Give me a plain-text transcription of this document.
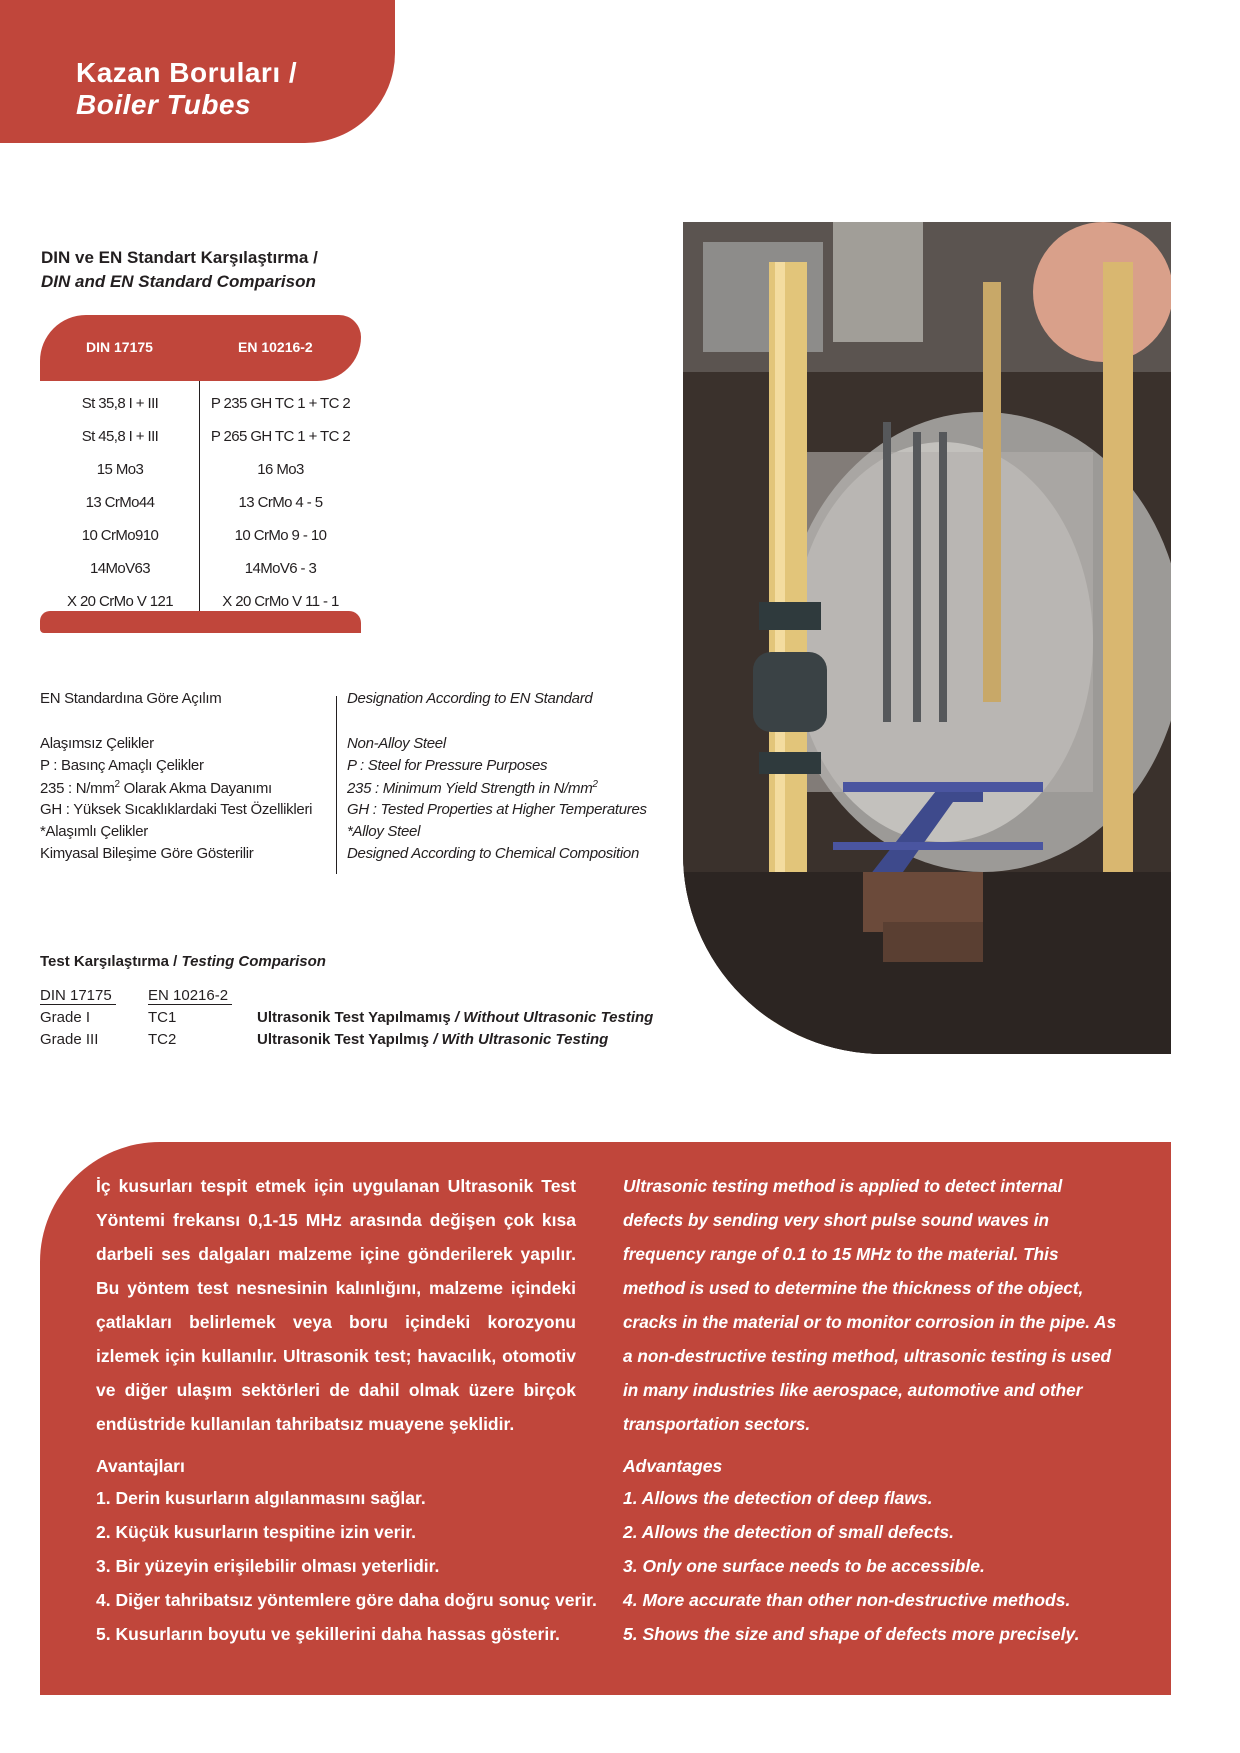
Kazan Boruları /
Boiler Tubes
DIN ve EN Standart Karşılaştırma /
DIN and EN Standard Comparison
DIN 17175	EN 10216-2
St 35,8 I + III	P 235 GH TC 1 + TC 2
St 45,8 I + III	P 265 GH TC 1 + TC 2
15 Mo3	16 Mo3
13 CrMo44	13 CrMo 4 - 5
10 CrMo910	10 CrMo 9 - 10
14MoV63	14MoV6 - 3
X 20 CrMo V 121	X 20 CrMo V 11 - 1
EN Standardına Göre Açılım
Alaşımsız Çelikler
P : Basınç Amaçlı Çelikler
235 : $N/mm^2$ Olarak Akma Dayanımı
GH : Yüksek Sıcaklıklardaki Test Özellikleri
*Alaşımlı Çelikler
Kimyasal Bileşime Göre Gösterilir
Designation According to EN Standard
Non-Alloy Steel
P : Steel for Pressure Purposes
235 : Minimum Yield Strength in $N/mm^2$
GH : Tested Properties at Higher Temperatures
*Alloy Steel
Designed According to Chemical Composition
Test Karşılaştırma / Testing Comparison
DIN 17175 EN 10216-2
Grade I	TC1	Ultrasonik Test Yapılmamış / Without Ultrasonic Testing
Grade III	TC2	Ultrasonik Test Yapılmış / With Ultrasonic Testing
İç kusurları tespit etmek için uygulanan Ultrasonik Test Yöntemi frekansı 0,1-15 MHz arasında değişen çok kısa darbeli ses dalgaları malzeme içine gönderilerek yapılır. Bu yöntem test nesnesinin kalınlığını, malzeme içindeki çatlakları belirlemek veya boru içindeki korozyonu izlemek için kullanılır. Ultrasonik test; havacılık, otomotiv ve diğer ulaşım sektörleri de dahil olmak üzere birçok endüstride kullanılan tahribatsız muayene şeklidir.
Ultrasonic testing method is applied to detect internal defects by sending very short pulse sound waves in frequency range of 0.1 to 15 MHz to the material. This method is used to determine the thickness of the object, cracks in the material or to monitor corrosion in the pipe. As a non-destructive testing method, ultrasonic testing is used in many industries like aerospace, automotive and other transportation sectors.
Avantajları
1. Derin kusurların algılanmasını sağlar.
2. Küçük kusurların tespitine izin verir.
3. Bir yüzeyin erişilebilir olması yeterlidir.
4. Diğer tahribatsız yöntemlere göre daha doğru sonuç verir.
5. Kusurların boyutu ve şekillerini daha hassas gösterir.
Advantages
1. Allows the detection of deep flaws.
2. Allows the detection of small defects.
3. Only one surface needs to be accessible.
4. More accurate than other non-destructive methods.
5. Shows the size and shape of defects more precisely.
